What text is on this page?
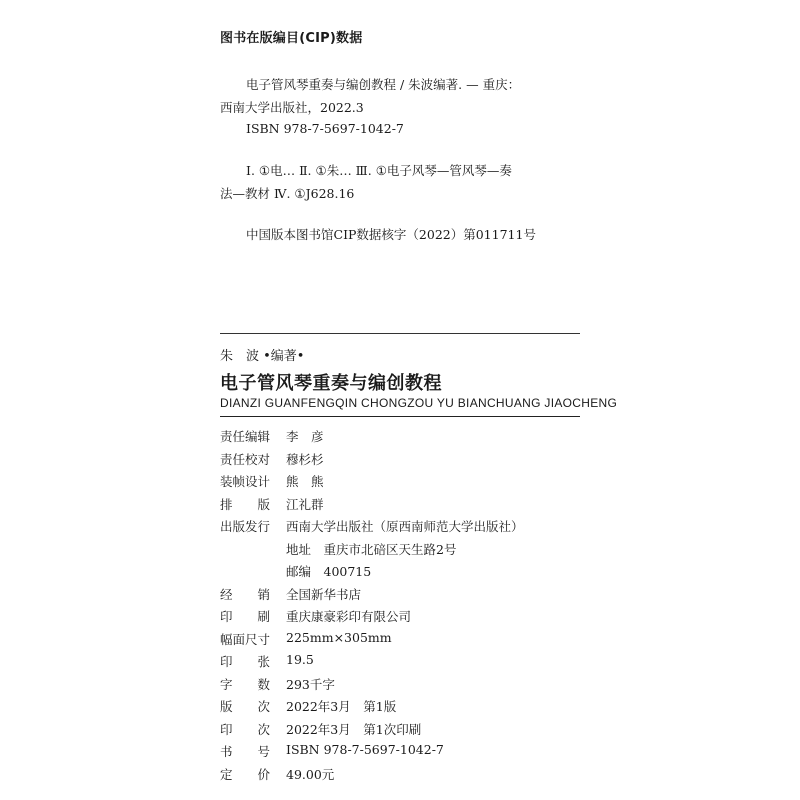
图书在版编目(CIP)数据
电子管风琴重奏与编创教程 / 朱波编著. — 重庆：
西南大学出版社，2022.3
ISBN 978-7-5697-1042-7
Ⅰ. ①电… Ⅱ. ①朱… Ⅲ. ①电子风琴—管风琴—奏
法—教材 Ⅳ. ①J628.16
中国版本图书馆CIP数据核字（2022）第011711号
朱　波 •编著•
电子管风琴重奏与编创教程
DIANZI GUANFENGQIN CHONGZOU YU BIANCHUANG JIAOCHENG
责任编辑	李　彦
责任校对	穆杉杉
装帧设计	熊　熊
排　　版	江礼群
出版发行	西南大学出版社（原西南师范大学出版社）
地址　重庆市北碚区天生路2号
邮编　400715
经　　销	全国新华书店
印　　刷	重庆康豪彩印有限公司
幅面尺寸	225mm×305mm
印　　张	19.5
字　　数	293千字
版　　次	2022年3月　第1版
印　　次	2022年3月　第1次印刷
书　　号	ISBN 978-7-5697-1042-7
定　　价	49.00元
